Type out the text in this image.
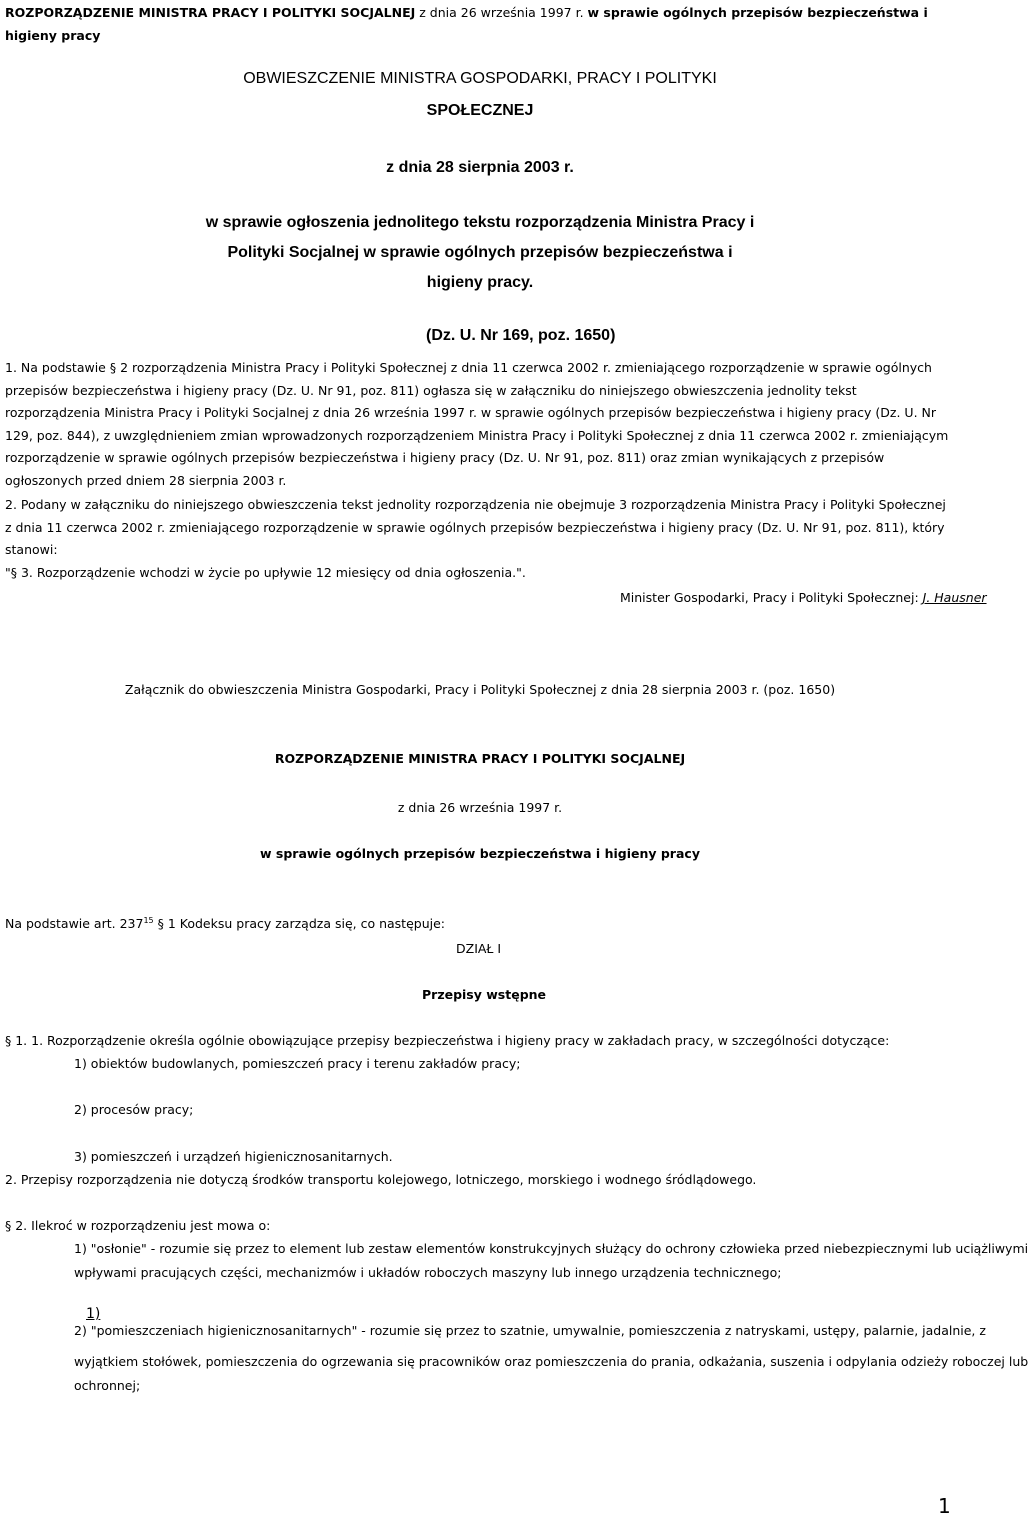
ROZPORZĄDZENIE MINISTRA PRACY I POLITYKI SOCJALNEJ z dnia 26 września 1997 r. w sprawie ogólnych przepisów bezpieczeństwa i higieny pracy
OBWIESZCZENIE MINISTRA GOSPODARKI, PRACY I POLITYKI
SPOŁECZNEJ
z dnia 28 sierpnia 2003 r.
w sprawie ogłoszenia jednolitego tekstu rozporządzenia Ministra Pracy i
Polityki Socjalnej w sprawie ogólnych przepisów bezpieczeństwa i
higieny pracy.
(Dz. U. Nr 169, poz. 1650)
1. Na podstawie § 2 rozporządzenia Ministra Pracy i Polityki Społecznej z dnia 11 czerwca 2002 r. zmieniającego rozporządzenie w sprawie ogólnych przepisów bezpieczeństwa i higieny pracy (Dz. U. Nr 91, poz. 811) ogłasza się w załączniku do niniejszego obwieszczenia jednolity tekst rozporządzenia Ministra Pracy i Polityki Socjalnej z dnia 26 września 1997 r. w sprawie ogólnych przepisów bezpieczeństwa i higieny pracy (Dz. U. Nr 129, poz. 844), z uwzględnieniem zmian wprowadzonych rozporządzeniem Ministra Pracy i Polityki Społecznej z dnia 11 czerwca 2002 r. zmieniającym rozporządzenie w sprawie ogólnych przepisów bezpieczeństwa i higieny pracy (Dz. U. Nr 91, poz. 811) oraz zmian wynikających z przepisów ogłoszonych przed dniem 28 sierpnia 2003 r.
2. Podany w załączniku do niniejszego obwieszczenia tekst jednolity rozporządzenia nie obejmuje 3 rozporządzenia Ministra Pracy i Polityki Społecznej z dnia 11 czerwca 2002 r. zmieniającego rozporządzenie w sprawie ogólnych przepisów bezpieczeństwa i higieny pracy (Dz. U. Nr 91, poz. 811), który stanowi:
"§ 3. Rozporządzenie wchodzi w życie po upływie 12 miesięcy od dnia ogłoszenia.".
Minister Gospodarki, Pracy i Polityki Społecznej: J. Hausner
Załącznik do obwieszczenia Ministra Gospodarki, Pracy i Polityki Społecznej z dnia 28 sierpnia 2003 r. (poz. 1650)
ROZPORZĄDZENIE MINISTRA PRACY I POLITYKI SOCJALNEJ
z dnia 26 września 1997 r.
w sprawie ogólnych przepisów bezpieczeństwa i higieny pracy
Na podstawie art. $237^{15}$ § 1 Kodeksu pracy zarządza się, co następuje:
DZIAŁ I
Przepisy wstępne
§ 1. 1. Rozporządzenie określa ogólnie obowiązujące przepisy bezpieczeństwa i higieny pracy w zakładach pracy, w szczególności dotyczące:
1) obiektów budowlanych, pomieszczeń pracy i terenu zakładów pracy;
2) procesów pracy;
3) pomieszczeń i urządzeń higienicznosanitarnych.
2. Przepisy rozporządzenia nie dotyczą środków transportu kolejowego, lotniczego, morskiego i wodnego śródlądowego.
§ 2. Ilekroć w rozporządzeniu jest mowa o:
1) "osłonie" - rozumie się przez to element lub zestaw elementów konstrukcyjnych służący do ochrony człowieka przed niebezpiecznymi lub uciążliwymi
wpływami pracujących części, mechanizmów i układów roboczych maszyny lub innego urządzenia technicznego;
1)
2) "pomieszczeniach higienicznosanitarnych" - rozumie się przez to szatnie, umywalnie, pomieszczenia z natryskami, ustępy, palarnie, jadalnie, z
wyjątkiem stołówek, pomieszczenia do ogrzewania się pracowników oraz pomieszczenia do prania, odkażania, suszenia i odpylania odzieży roboczej lub
ochronnej;
1
